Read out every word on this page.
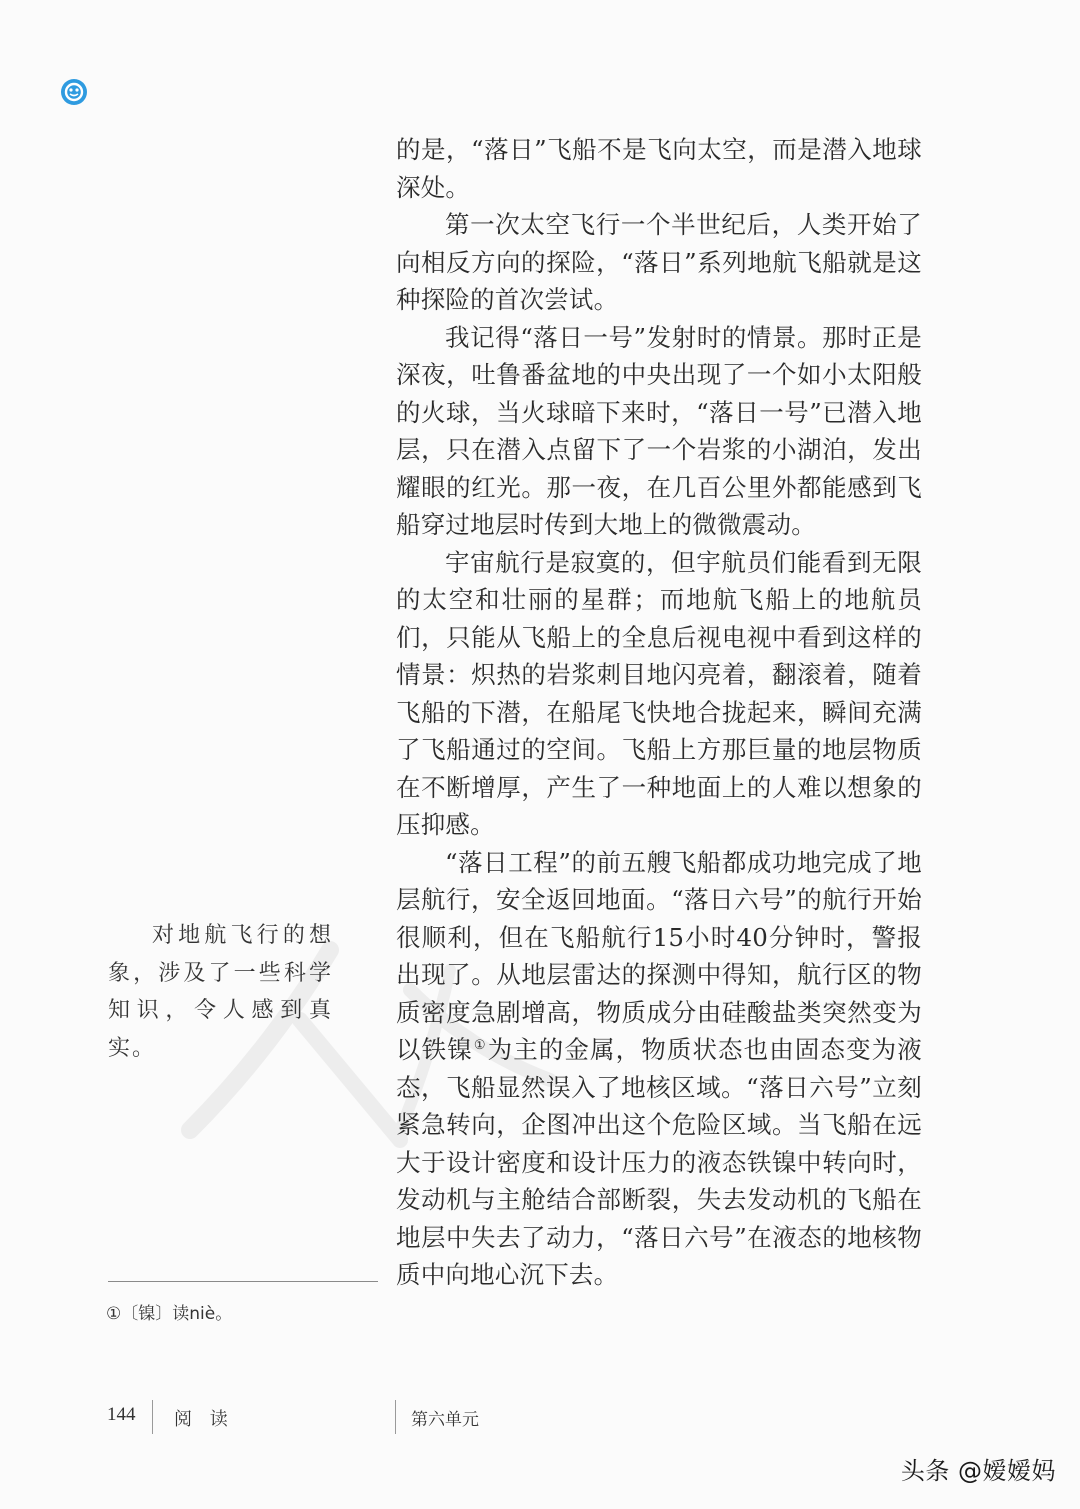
的是，“落日”飞船不是飞向太空，而是潜入地球深处。

第一次太空飞行一个半世纪后，人类开始了向相反方向的探险，“落日”系列地航飞船就是这种探险的首次尝试。

我记得“落日一号”发射时的情景。那时正是深夜，吐鲁番盆地的中央出现了一个如小太阳般的火球，当火球暗下来时，“落日一号”已潜入地层，只在潜入点留下了一个岩浆的小湖泊，发出耀眼的红光。那一夜，在几百公里外都能感到飞船穿过地层时传到大地上的微微震动。

宇宙航行是寂寞的，但宇航员们能看到无限的太空和壮丽的星群；而地航飞船上的地航员们，只能从飞船上的全息后视电视中看到这样的情景：炽热的岩浆刺目地闪亮着，翻滚着，随着飞船的下潜，在船尾飞快地合拢起来，瞬间充满了飞船通过的空间。飞船上方那巨量的地层物质在不断增厚，产生了一种地面上的人难以想象的压抑感。

“落日工程”的前五艘飞船都成功地完成了地层航行，安全返回地面。“落日六号”的航行开始很顺利，但在飞船航行15小时40分钟时，警报出现了。从地层雷达的探测中得知，航行区的物质密度急剧增高，物质成分由硅酸盐类突然变为以铁镍①为主的金属，物质状态也由固态变为液态，飞船显然误入了地核区域。“落日六号”立刻紧急转向，企图冲出这个危险区域。当飞船在远大于设计密度和设计压力的液态铁镍中转向时，发动机与主舱结合部断裂，失去发动机的飞船在地层中失去了动力，“落日六号”在液态的地核物质中向地心沉下去。

对地航飞行的想象，涉及了一些科学知识，令人感到真实。
①〔镍〕读niè。
144 阅 读	第六单元
头条 @嫒嫒妈
